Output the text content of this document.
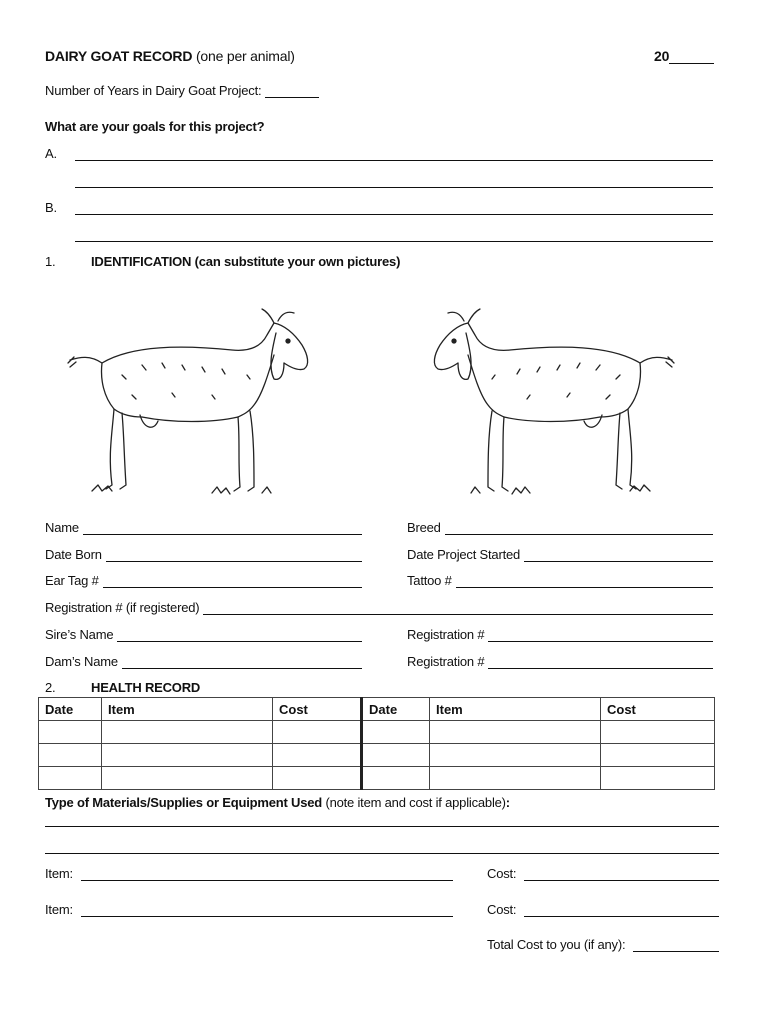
DAIRY GOAT RECORD (one per animal)	20
Number of Years in Dairy Goat Project:
What are your goals for this project?
A.
B.
1.	IDENTIFICATION (can substitute your own pictures)
Name	Breed
Date Born	Date Project Started
Ear Tag #	Tattoo #
Registration # (if registered)
Sire’s Name	Registration #
Dam’s Name	Registration #
2.	HEALTH RECORD
Date	Item	Cost	Date	Item	Cost

Type of Materials/Supplies or Equipment Used (note item and cost if applicable):
Item:	Cost:
Item:	Cost:
Total Cost to you (if any):
